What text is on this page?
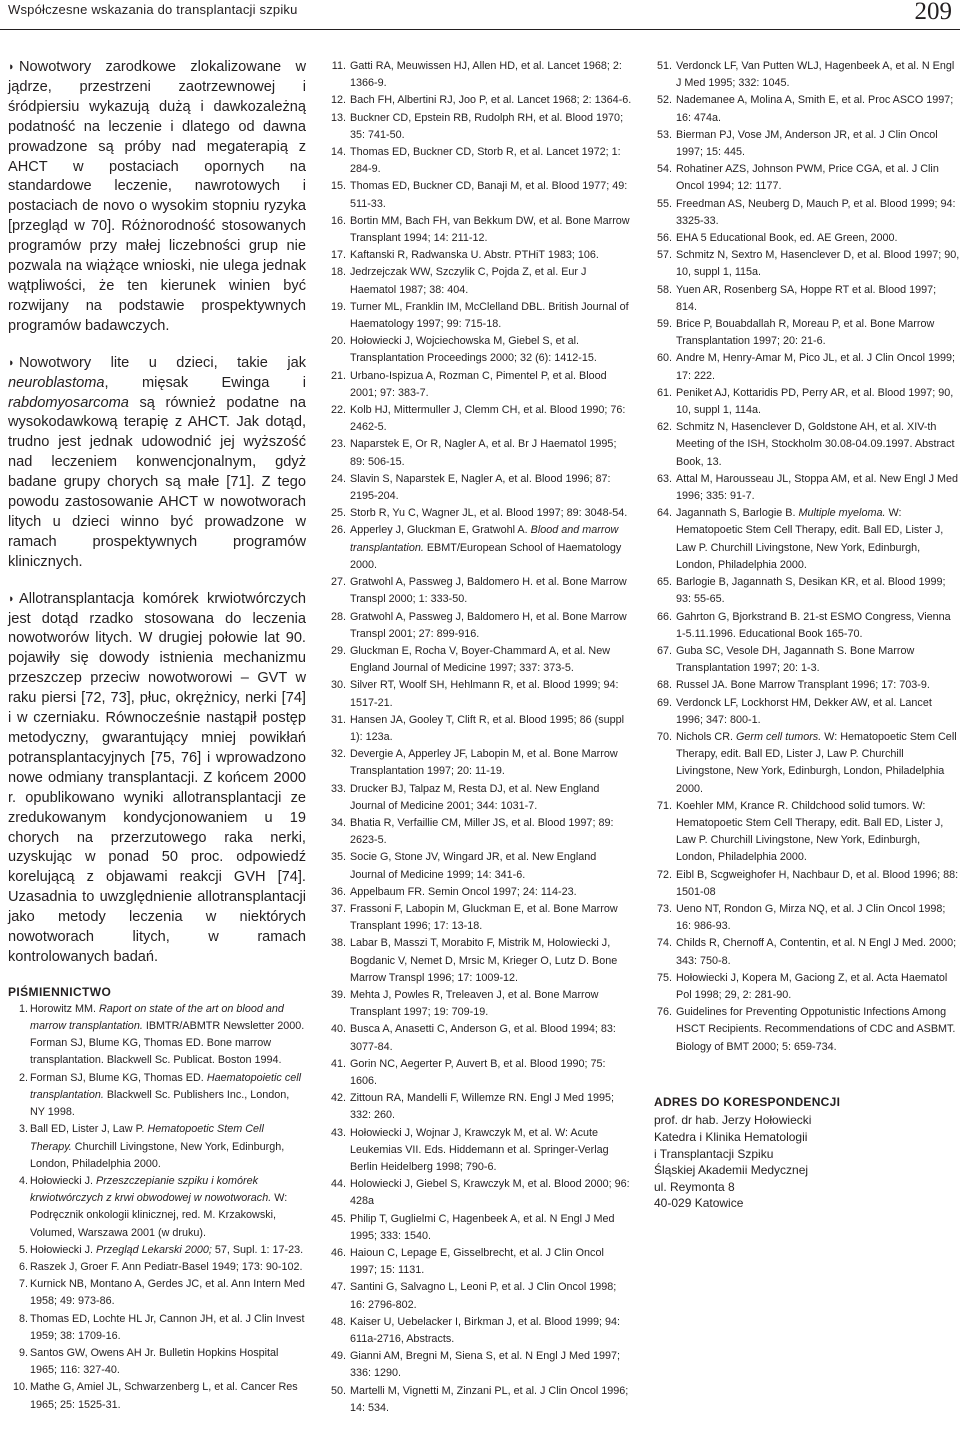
Współczesne wskazania do transplantacji szpiku	209
◗ Nowotwory zarodkowe zlokalizowane w jądrze, przestrzeni zaotrzewnowej i śródpiersiu wykazują dużą i dawkozależną podatność na leczenie i dlatego od dawna prowadzone są próby nad megaterapią z AHCT w postaciach opornych na standardowe leczenie, nawrotowych i postaciach de novo o wysokim stopniu ryzyka [przegląd w 70]. Różnorodność stosowanych programów przy małej liczebności grup nie pozwala na wiążące wnioski, nie ulega jednak wątpliwości, że ten kierunek winien być rozwijany na podstawie prospektywnych programów badawczych.

◗ Nowotwory lite u dzieci, takie jak neuroblastoma, mięsak Ewinga i rabdomyosarcoma są również podatne na wysokodawkową terapię z AHCT. Jak dotąd, trudno jest jednak udowodnić jej wyższość nad leczeniem konwencjonalnym, gdyż badane grupy chorych są małe [71]. Z tego powodu zastosowanie AHCT w nowotworach litych u dzieci winno być prowadzone w ramach prospektywnych programów klinicznych.

◗ Allotransplantacja komórek krwiotwórczych jest dotąd rzadko stosowana do leczenia nowotworów litych. W drugiej połowie lat 90. pojawiły się dowody istnienia mechanizmu przeszczep przeciw nowotworowi – GVT w raku piersi [72, 73], płuc, okrężnicy, nerki [74] i w czerniaku. Równocześnie nastąpił postęp metodyczny, gwarantujący mniej powikłań potransplantacyjnych [75, 76] i wprowadzono nowe odmiany transplantacji. Z końcem 2000 r. opublikowano wyniki allotransplantacji ze zredukowanym kondycjonowaniem u 19 chorych na przerzutowego raka nerki, uzyskując w ponad 50 proc. odpowiedź korelującą z objawami reakcji GVH [74]. Uzasadnia to uwzględnienie allotransplantacji jako metody leczenia w niektórych nowotworach litych, w ramach kontrolowanych badań.

PIŚMIENNICTWO
1. Horowitz MM. Raport on state of the art on blood and marrow transplantation. IBMTR/ABMTR Newsletter 2000. Forman SJ, Blume KG, Thomas ED. Bone marrow transplantation. Blackwell Sc. Publicat. Boston 1994.
2. Forman SJ, Blume KG, Thomas ED. Haematopoietic cell transplantation. Blackwell Sc. Publishers Inc., London, NY 1998.
3. Ball ED, Lister J, Law P. Hematopoetic Stem Cell Therapy. Churchill Livingstone, New York, Edinburgh, London, Philadelphia 2000.
4. Hołowiecki J. Przeszczepianie szpiku i komórek krwiotwórczych z krwi obwodowej w nowotworach. W: Podręcznik onkologii klinicznej, red. M. Krzakowski, Volumed, Warszawa 2001 (w druku).
5. Hołowiecki J. Przegląd Lekarski 2000; 57, Supl. 1: 17-23.
6. Raszek J, Groer F. Ann Pediatr-Basel 1949; 173: 90-102.
7. Kurnick NB, Montano A, Gerdes JC, et al. Ann Intern Med 1958; 49: 973-86.
8. Thomas ED, Lochte HL Jr, Cannon JH, et al. J Clin Invest 1959; 38: 1709-16.
9. Santos GW, Owens AH Jr. Bulletin Hopkins Hospital 1965; 116: 327-40.
10. Mathe G, Amiel JL, Schwarzenberg L, et al. Cancer Res 1965; 25: 1525-31.
11. Gatti RA, Meuwissen HJ, Allen HD, et al. Lancet 1968; 2: 1366-9.
12. Bach FH, Albertini RJ, Joo P, et al. Lancet 1968; 2: 1364-6.
13. Buckner CD, Epstein RB, Rudolph RH, et al. Blood 1970; 35: 741-50.
14. Thomas ED, Buckner CD, Storb R, et al. Lancet 1972; 1: 284-9.
15. Thomas ED, Buckner CD, Banaji M, et al. Blood 1977; 49: 511-33.
16. Bortin MM, Bach FH, van Bekkum DW, et al. Bone Marrow Transplant 1994; 14: 211-12.
17. Kaftanski R, Radwanska U. Abstr. PTHiT 1983; 106.
18. Jedrzejczak WW, Szczylik C, Pojda Z, et al. Eur J Haematol 1987; 38: 404.
19. Turner ML, Franklin IM, McClelland DBL. British Journal of Haematology 1997; 99: 715-18.
20. Hołowiecki J, Wojciechowska M, Giebel S, et al. Transplantation Proceedings 2000; 32 (6): 1412-15.
21. Urbano-Ispizua A, Rozman C, Pimentel P, et al. Blood 2001; 97: 383-7.
22. Kolb HJ, Mittermuller J, Clemm CH, et al. Blood 1990; 76: 2462-5.
23. Naparstek E, Or R, Nagler A, et al. Br J Haematol 1995; 89: 506-15.
24. Slavin S, Naparstek E, Nagler A, et al. Blood 1996; 87: 2195-204.
25. Storb R, Yu C, Wagner JL, et al. Blood 1997; 89: 3048-54.
26. Apperley J, Gluckman E, Gratwohl A. Blood and marrow transplantation. EBMT/European School of Haematology 2000.
27. Gratwohl A, Passweg J, Baldomero H. et al. Bone Marrow Transpl 2000; 1: 333-50.
28. Gratwohl A, Passweg J, Baldomero H, et al. Bone Marrow Transpl 2001; 27: 899-916.
29. Gluckman E, Rocha V, Boyer-Chammard A, et al. New England Journal of Medicine 1997; 337: 373-5.
30. Silver RT, Woolf SH, Hehlmann R, et al. Blood 1999; 94: 1517-21.
31. Hansen JA, Gooley T, Clift R, et al. Blood 1995; 86 (suppl 1): 123a.
32. Devergie A, Apperley JF, Labopin M, et al. Bone Marrow Transplantation 1997; 20: 11-19.
33. Drucker BJ, Talpaz M, Resta DJ, et al. New England Journal of Medicine 2001; 344: 1031-7.
34. Bhatia R, Verfaillie CM, Miller JS, et al. Blood 1997; 89: 2623-5.
35. Socie G, Stone JV, Wingard JR, et al. New England Journal of Medicine 1999; 14: 341-6.
36. Appelbaum FR. Semin Oncol 1997; 24: 114-23.
37. Frassoni F, Labopin M, Gluckman E, et al. Bone Marrow Transplant 1996; 17: 13-18.
38. Labar B, Masszi T, Morabito F, Mistrik M, Holowiecki J, Bogdanic V, Nemet D, Mrsic M, Krieger O, Lutz D. Bone Marrow Transpl 1996; 17: 1009-12.
39. Mehta J, Powles R, Treleaven J, et al. Bone Marrow Transplant 1997; 19: 709-19.
40. Busca A, Anasetti C, Anderson G, et al. Blood 1994; 83: 3077-84.
41. Gorin NC, Aegerter P, Auvert B, et al. Blood 1990; 75: 1606.
42. Zittoun RA, Mandelli F, Willemze RN. Engl J Med 1995; 332: 260.
43. Hołowiecki J, Wojnar J, Krawczyk M, et al. W: Acute Leukemias VII. Eds. Hiddemann et al. Springer-Verlag Berlin Heidelberg 1998; 790-6.
44. Holowiecki J, Giebel S, Krawczyk M, et al. Blood 2000; 96: 428a
45. Philip T, Guglielmi C, Hagenbeek A, et al. N Engl J Med 1995; 333: 1540.
46. Haioun C, Lepage E, Gisselbrecht, et al. J Clin Oncol 1997; 15: 1131.
47. Santini G, Salvagno L, Leoni P, et al. J Clin Oncol 1998; 16: 2796-802.
48. Kaiser U, Uebelacker I, Birkman J, et al. Blood 1999; 94: 611a-2716, Abstracts.
49. Gianni AM, Bregni M, Siena S, et al. N Engl J Med 1997; 336: 1290.
50. Martelli M, Vignetti M, Zinzani PL, et al. J Clin Oncol 1996; 14: 534.
51. Verdonck LF, Van Putten WLJ, Hagenbeek A, et al. N Engl J Med 1995; 332: 1045.
52. Nademanee A, Molina A, Smith E, et al. Proc ASCO 1997; 16: 474a.
53. Bierman PJ, Vose JM, Anderson JR, et al. J Clin Oncol 1997; 15: 445.
54. Rohatiner AZS, Johnson PWM, Price CGA, et al. J Clin Oncol 1994; 12: 1177.
55. Freedman AS, Neuberg D, Mauch P, et al. Blood 1999; 94: 3325-33.
56. EHA 5 Educational Book, ed. AE Green, 2000.
57. Schmitz N, Sextro M, Hasenclever D, et al. Blood 1997; 90, 10, suppl 1, 115a.
58. Yuen AR, Rosenberg SA, Hoppe RT et al. Blood 1997; 814.
59. Brice P, Bouabdallah R, Moreau P, et al. Bone Marrow Transplantation 1997; 20: 21-6.
60. Andre M, Henry-Amar M, Pico JL, et al. J Clin Oncol 1999; 17: 222.
61. Peniket AJ, Kottaridis PD, Perry AR, et al. Blood 1997; 90, 10, suppl 1, 114a.
62. Schmitz N, Hasenclever D, Goldstone AH, et al. XIV-th Meeting of the ISH, Stockholm 30.08-04.09.1997. Abstract Book, 13.
63. Attal M, Harousseau JL, Stoppa AM, et al. New Engl J Med 1996; 335: 91-7.
64. Jagannath S, Barlogie B. Multiple myeloma. W: Hematopoetic Stem Cell Therapy, edit. Ball ED, Lister J, Law P. Churchill Livingstone, New York, Edinburgh, London, Philadelphia 2000.
65. Barlogie B, Jagannath S, Desikan KR, et al. Blood 1999; 93: 55-65.
66. Gahrton G, Bjorkstrand B. 21-st ESMO Congress, Vienna 1-5.11.1996. Educational Book 165-70.
67. Guba SC, Vesole DH, Jagannath S. Bone Marrow Transplantation 1997; 20: 1-3.
68. Russel JA. Bone Marrow Transplant 1996; 17: 703-9.
69. Verdonck LF, Lockhorst HM, Dekker AW, et al. Lancet 1996; 347: 800-1.
70. Nichols CR. Germ cell tumors. W: Hematopoetic Stem Cell Therapy, edit. Ball ED, Lister J, Law P. Churchill Livingstone, New York, Edinburgh, London, Philadelphia 2000.
71. Koehler MM, Krance R. Childchood solid tumors. W: Hematopoetic Stem Cell Therapy, edit. Ball ED, Lister J, Law P. Churchill Livingstone, New York, Edinburgh, London, Philadelphia 2000.
72. Eibl B, Scgweighofer H, Nachbaur D, et al. Blood 1996; 88: 1501-08
73. Ueno NT, Rondon G, Mirza NQ, et al. J Clin Oncol 1998; 16: 986-93.
74. Childs R, Chernoff A, Contentin, et al. N Engl J Med. 2000; 343: 750-8.
75. Hołowiecki J, Kopera M, Gaciong Z, et al. Acta Haematol Pol 1998; 29, 2: 281-90.
76. Guidelines for Preventing Oppotunistic Infections Among HSCT Recipients. Recommendations of CDC and ASBMT. Biology of BMT 2000; 5: 659-734.
ADRES DO KORESPONDENCJI
prof. dr hab. Jerzy Hołowiecki
Katedra i Klinika Hematologii
i Transplantacji Szpiku
Śląskiej Akademii Medycznej
ul. Reymonta 8
40-029 Katowice
